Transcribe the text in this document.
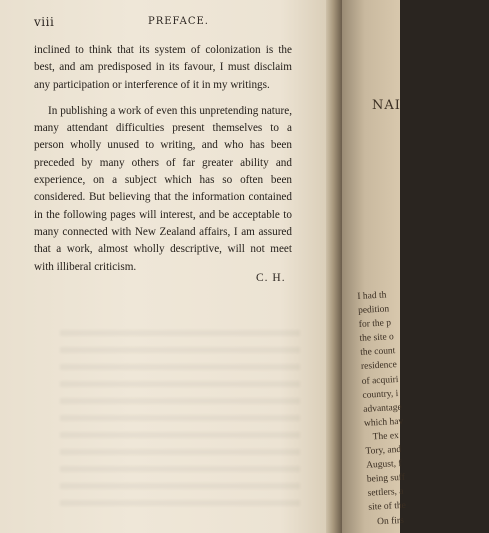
viii	PREFACE.

inclined to think that its system of colonization is the best, and am predisposed in its favour, I must disclaim any participation or interference of it in my writings.

In publishing a work of even this unpretending nature, many attendant difficulties present themselves to a person wholly unused to writing, and who has been preceded by many others of far greater ability and experience, on a subject which has so often been considered. But believing that the information contained in the following pages will interest, and be acceptable to many connected with New Zealand affairs, I am assured that a work, almost wholly descriptive, will not meet with illiberal criticism.

C. H.
NAI
I had th
pedition
for the p
the site o
the count
residence
of acquiri
country, i
advantage
which hav
The ex
Tory, and
August, f
being suff
settlers, a
site of the
On firs
